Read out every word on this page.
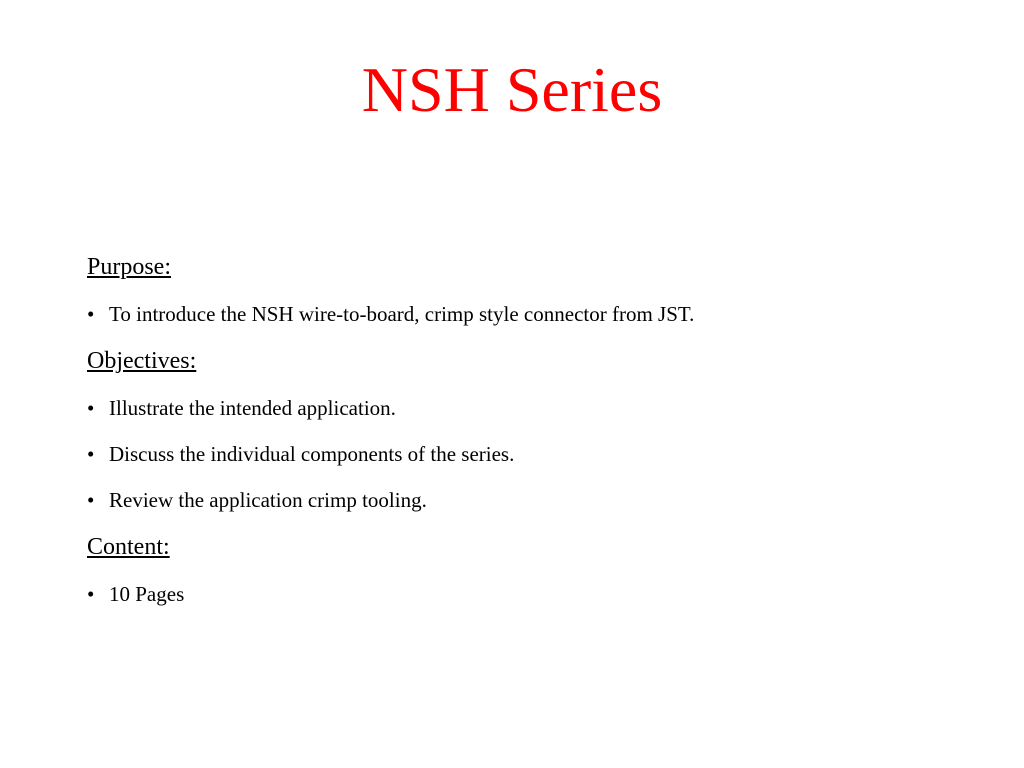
NSH Series
Purpose:
• To introduce the NSH wire-to-board, crimp style connector from JST.
Objectives:
• Illustrate the intended application.
• Discuss the individual components of the series.
• Review the application crimp tooling.
Content:
• 10 Pages
